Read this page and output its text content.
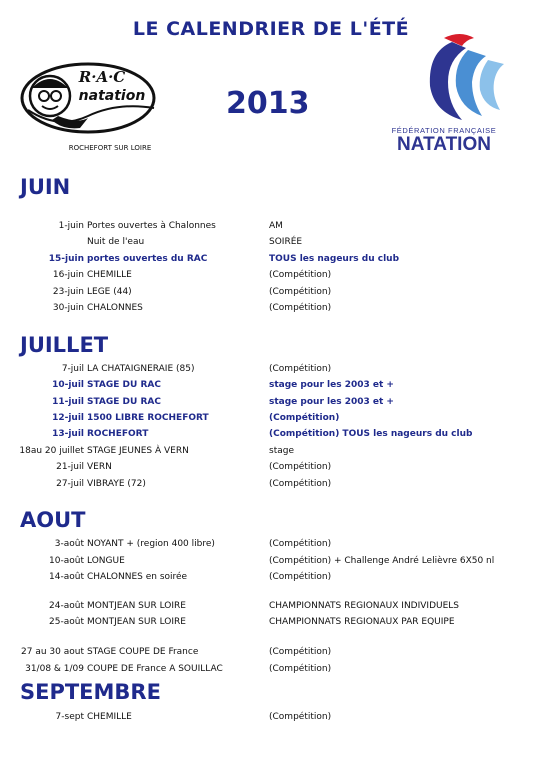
LE CALENDRIER DE L'ÉTÉ
2013
R·A·C
natation
ROCHEFORT SUR LOIRE
FÉDÉRATION FRANÇAISE
NATATION
JUIN
1-juin Portes ouvertes à Chalonnes	AM
Nuit de l'eau	SOIRÉE
15-juin portes ouvertes du RAC	TOUS les nageurs du club
16-juin CHEMILLE	(Compétition)
23-juin LEGE (44)	(Compétition)
30-juin CHALONNES	(Compétition)
JUILLET
7-juil LA CHATAIGNERAIE (85)	(Compétition)
10-juil STAGE DU RAC	stage pour les 2003 et +
11-juil STAGE DU RAC	stage pour les 2003 et +
12-juil 1500 LIBRE ROCHEFORT	(Compétition)
13-juil ROCHEFORT	(Compétition) TOUS les nageurs du club
18au 20 juillet STAGE JEUNES À VERN	stage
21-juil VERN	(Compétition)
27-juil VIBRAYE (72)	(Compétition)
AOUT
3-août NOYANT + (region 400 libre)	(Compétition)
10-août LONGUE	(Compétition) + Challenge André Lelièvre 6X50 nl
14-août CHALONNES en soirée	(Compétition)
24-août MONTJEAN SUR LOIRE	CHAMPIONNATS REGIONAUX INDIVIDUELS
25-août MONTJEAN SUR LOIRE	CHAMPIONNATS REGIONAUX PAR EQUIPE
27 au 30 aout STAGE COUPE DE France	(Compétition)
31/08 & 1/09 COUPE DE France A SOUILLAC	(Compétition)
SEPTEMBRE
7-sept CHEMILLE	(Compétition)
